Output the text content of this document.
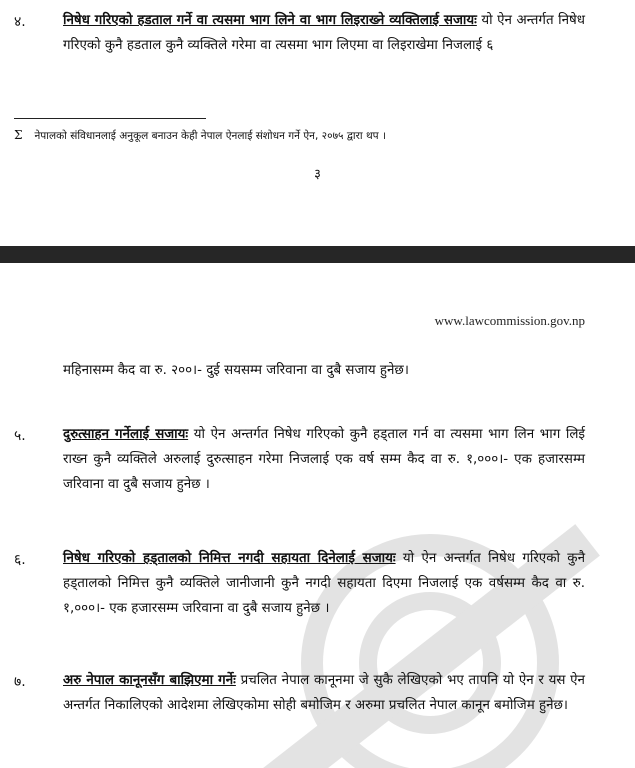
४.	निषेध गरिएको हडताल गर्ने वा त्यसमा भाग लिने वा भाग लिइराख्ने व्यक्तिलाई सजायः यो ऐन अन्तर्गत निषेध गरिएको कुनै हडताल कुनै व्यक्तिले गरेमा वा त्यसमा भाग लिएमा वा लिइराखेमा निजलाई ६
Σ नेपालको संविधानलाई अनुकूल बनाउन केही नेपाल ऐनलाई संशोधन गर्ने ऐन, २०७५ द्वारा थप ।
३
www.lawcommission.gov.np
महिनासम्म कैद वा रु. २००।- दुई सयसम्म जरिवाना वा दुबै सजाय हुनेछ।
५.	दुरुत्साहन गर्नेलाई सजायः यो ऐन अन्तर्गत निषेध गरिएको कुनै हड्ताल गर्न वा त्यसमा भाग लिन भाग लिई राख्न कुनै व्यक्तिले अरुलाई दुरुत्साहन गरेमा निजलाई एक वर्ष सम्म कैद वा रु. १,०००।- एक हजारसम्म जरिवाना वा दुबै सजाय हुनेछ ।
६.	निषेध गरिएको हड्तालको निमित्त नगदी सहायता दिनेलाई सजायः यो ऐन अन्तर्गत निषेध गरिएको कुनै हड्तालको निमित्त कुनै व्यक्तिले जानीजानी कुनै नगदी सहायता दिएमा निजलाई एक वर्षसम्म कैद वा रु. १,०००।- एक हजारसम्म जरिवाना वा दुबै सजाय हुनेछ ।
७.	अरु नेपाल कानूनसँग बाझिएमा गर्नेः प्रचलित नेपाल कानूनमा जे सुकै लेखिएको भए तापनि यो ऐन र यस ऐन अन्तर्गत निकालिएको आदेशमा लेखिएकोमा सोही बमोजिम र अरुमा प्रचलित नेपाल कानून बमोजिम हुनेछ।
